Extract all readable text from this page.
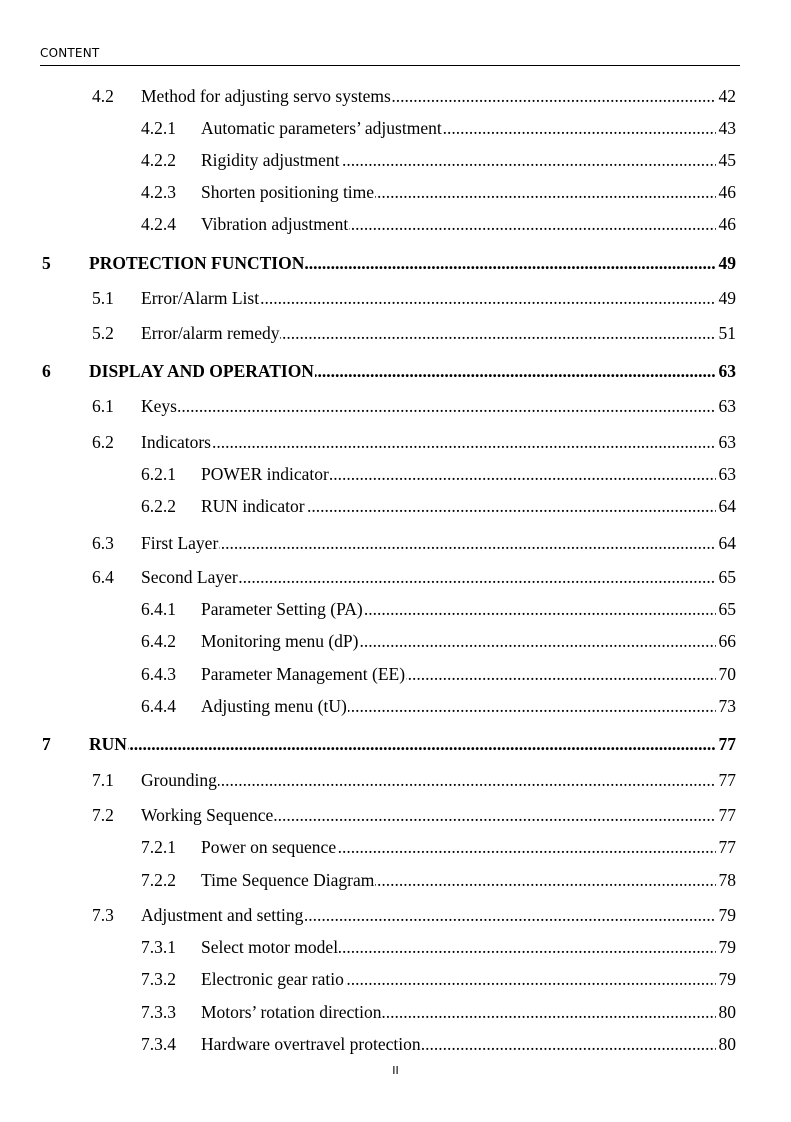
CONTENT
4.2 ..... Method for adjusting servo systems	42
4.2.1 ..... Automatic parameters’ adjustment	43
4.2.2 ..... Rigidity adjustment	45
4.2.3 ..... Shorten positioning time	46
4.2.4 ..... Vibration adjustment	46
5 ..... PROTECTION FUNCTION	49
5.1 ..... Error/Alarm List	49
5.2 ..... Error/alarm remedy	51
6 ..... DISPLAY AND OPERATION	63
6.1 ..... Keys	63
6.2 ..... Indicators	63
6.2.1 ..... POWER indicator	63
6.2.2 ..... RUN indicator	64
6.3 ..... First Layer	64
6.4 ..... Second Layer	65
6.4.1 ..... Parameter Setting (PA)	65
6.4.2 ..... Monitoring menu (dP)	66
6.4.3 ..... Parameter Management (EE)	70
6.4.4 ..... Adjusting menu (tU)	73
7 ..... RUN	77
7.1 ..... Grounding	77
7.2 ..... Working Sequence	77
7.2.1 ..... Power on sequence	77
7.2.2 ..... Time Sequence Diagram	78
7.3 ..... Adjustment and setting	79
7.3.1 ..... Select motor model	79
7.3.2 ..... Electronic gear ratio	79
7.3.3 ..... Motors’ rotation direction	80
7.3.4 ..... Hardware overtravel protection	80
II
